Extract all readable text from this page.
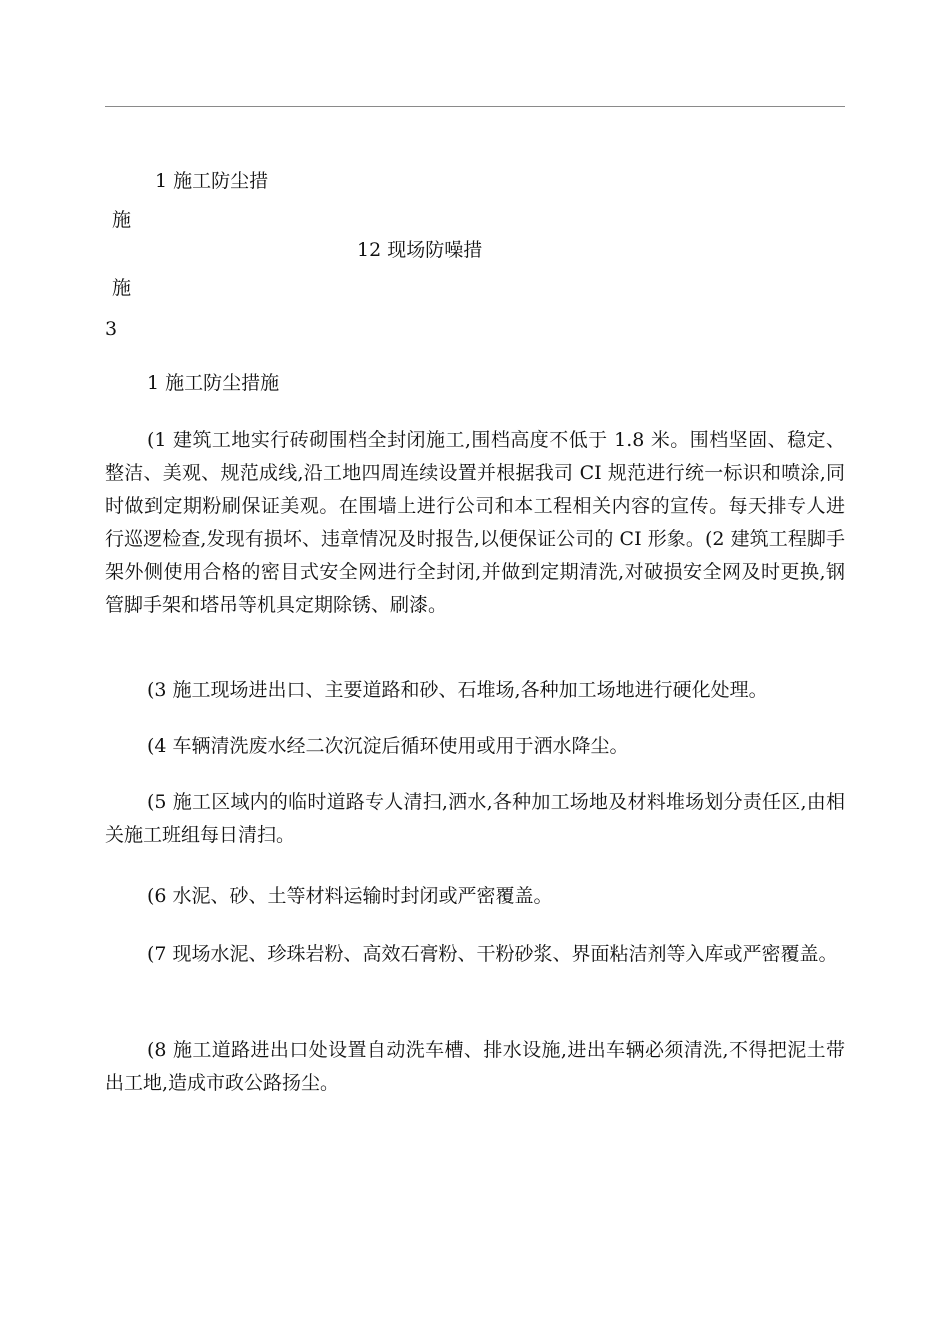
1 施工防尘措
施
12 现场防噪措
施
3
1 施工防尘措施
(1 建筑工地实行砖砌围档全封闭施工,围档高度不低于 1.8 米。围档坚固、稳定、整洁、美观、规范成线,沿工地四周连续设置并根据我司 CI 规范进行统一标识和喷涂,同时做到定期粉刷保证美观。在围墙上进行公司和本工程相关内容的宣传。每天排专人进行巡逻检查,发现有损坏、违章情况及时报告,以便保证公司的 CI 形象。(2 建筑工程脚手架外侧使用合格的密目式安全网进行全封闭,并做到定期清洗,对破损安全网及时更换,钢管脚手架和塔吊等机具定期除锈、刷漆。
(3 施工现场进出口、主要道路和砂、石堆场,各种加工场地进行硬化处理。
(4 车辆清洗废水经二次沉淀后循环使用或用于洒水降尘。
(5 施工区域内的临时道路专人清扫,洒水,各种加工场地及材料堆场划分责任区,由相关施工班组每日清扫。
(6 水泥、砂、土等材料运输时封闭或严密覆盖。
(7 现场水泥、珍珠岩粉、高效石膏粉、干粉砂浆、界面粘洁剂等入库或严密覆盖。
(8 施工道路进出口处设置自动洗车槽、排水设施,进出车辆必须清洗,不得把泥土带出工地,造成市政公路扬尘。
